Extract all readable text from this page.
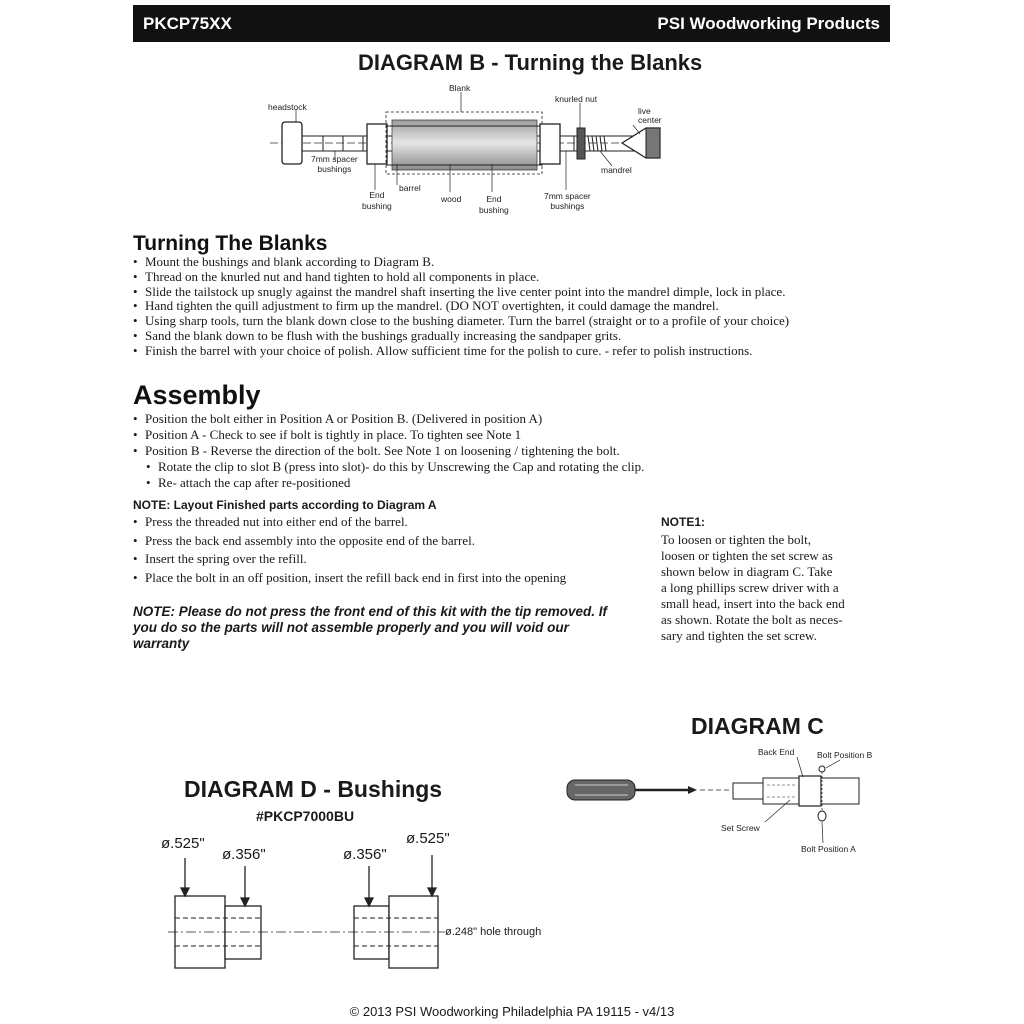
PKCP75XX	PSI Woodworking Products
DIAGRAM B - Turning the Blanks
headstock
Blank
knurled nut
live
center
7mm spacer
bushings
End
bushing
barrel
wood	End
bushing
7mm spacer
bushings
mandrel
Turning The Blanks
• Mount the bushings and blank according to Diagram B.
• Thread on the knurled nut and hand tighten to hold all components in place.
• Slide the tailstock up snugly against the mandrel shaft inserting the live center point into the mandrel dimple, lock in place.
• Hand tighten the quill adjustment to firm up the mandrel. (DO NOT overtighten, it could damage the mandrel.
• Using sharp tools, turn the blank down close to the bushing diameter. Turn the barrel (straight or to a profile of your choice)
• Sand the blank down to be flush with the bushings gradually increasing the sandpaper grits.
• Finish the barrel with your choice of polish. Allow sufficient time for the polish to cure. - refer to polish instructions.
Assembly
• Position the bolt either in Position A or Position B. (Delivered in position A)
• Position A - Check to see if bolt is tightly in place. To tighten see Note 1
• Position B - Reverse the direction of the bolt. See Note 1 on loosening / tightening the bolt.
• Rotate the clip to slot B (press into slot)- do this by Unscrewing the Cap and rotating the clip.
• Re- attach the cap after re-positioned
NOTE: Layout Finished parts according to Diagram A
• Press the threaded nut into either end of the barrel.
• Press the back end assembly into the opposite end of the barrel.
• Insert the spring over the refill.
• Place the bolt in an off position, insert the refill back end in first into the opening
NOTE: Please do not press the front end of this kit with the tip removed. If you do so the parts will not assemble properly and you will void our warranty
NOTE1:

To loosen or tighten the bolt,

loosen or tighten the set screw as

shown below in diagram C. Take

a long phillips screw driver with a

small head, insert into the back end

as shown. Rotate the bolt as neces-

sary and tighten the set screw.

DIAGRAM C
Back End	Bolt Position B
Set Screw
Bolt Position A
DIAGRAM D - Bushings
#PKCP7000BU
ø.525"
ø.356"	ø.356"
ø.525"
ø.248" hole through
© 2013 PSI Woodworking Philadelphia PA 19115 - v4/13
